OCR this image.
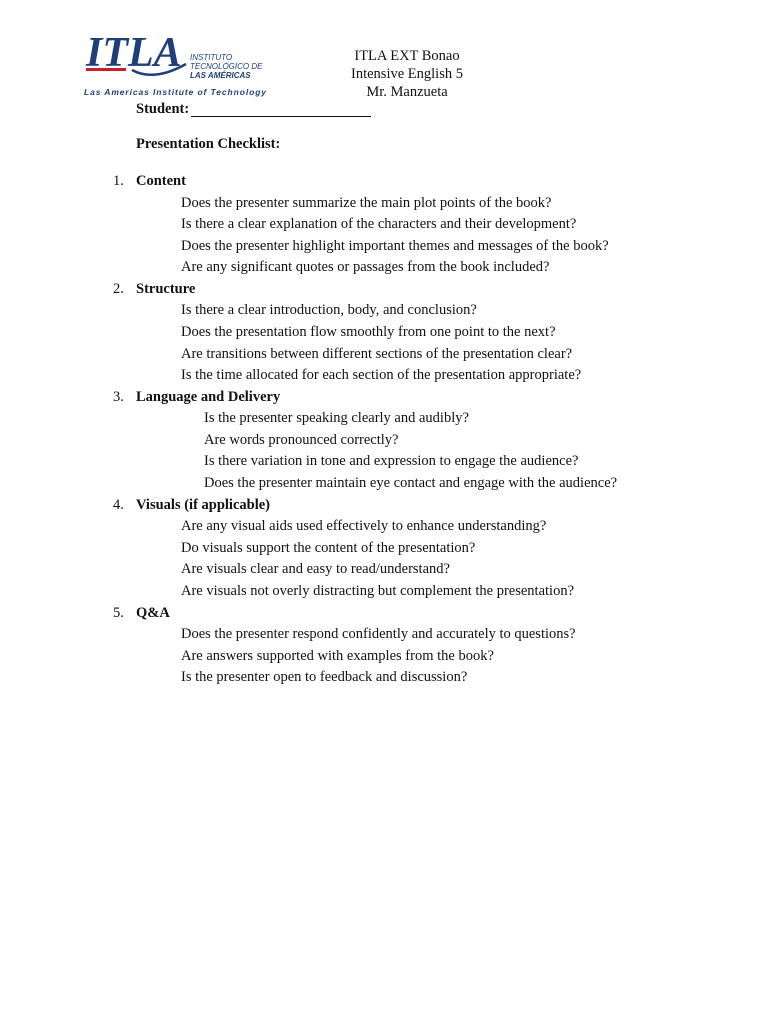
ITLA INSTITUTO
TECNOLÓGICO DE
LAS AMÉRICAS
Las Americas Institute of Technology
ITLA EXT Bonao
Intensive English 5
Mr. Manzueta
Student:
Presentation Checklist:
1. Content
Does the presenter summarize the main plot points of the book?
Is there a clear explanation of the characters and their development?
Does the presenter highlight important themes and messages of the book?
Are any significant quotes or passages from the book included?
2. Structure
Is there a clear introduction, body, and conclusion?
Does the presentation flow smoothly from one point to the next?
Are transitions between different sections of the presentation clear?
Is the time allocated for each section of the presentation appropriate?
3. Language and Delivery
Is the presenter speaking clearly and audibly?
Are words pronounced correctly?
Is there variation in tone and expression to engage the audience?
Does the presenter maintain eye contact and engage with the audience?
4. Visuals (if applicable)
Are any visual aids used effectively to enhance understanding?
Do visuals support the content of the presentation?
Are visuals clear and easy to read/understand?
Are visuals not overly distracting but complement the presentation?
5. Q&A
Does the presenter respond confidently and accurately to questions?
Are answers supported with examples from the book?
Is the presenter open to feedback and discussion?
